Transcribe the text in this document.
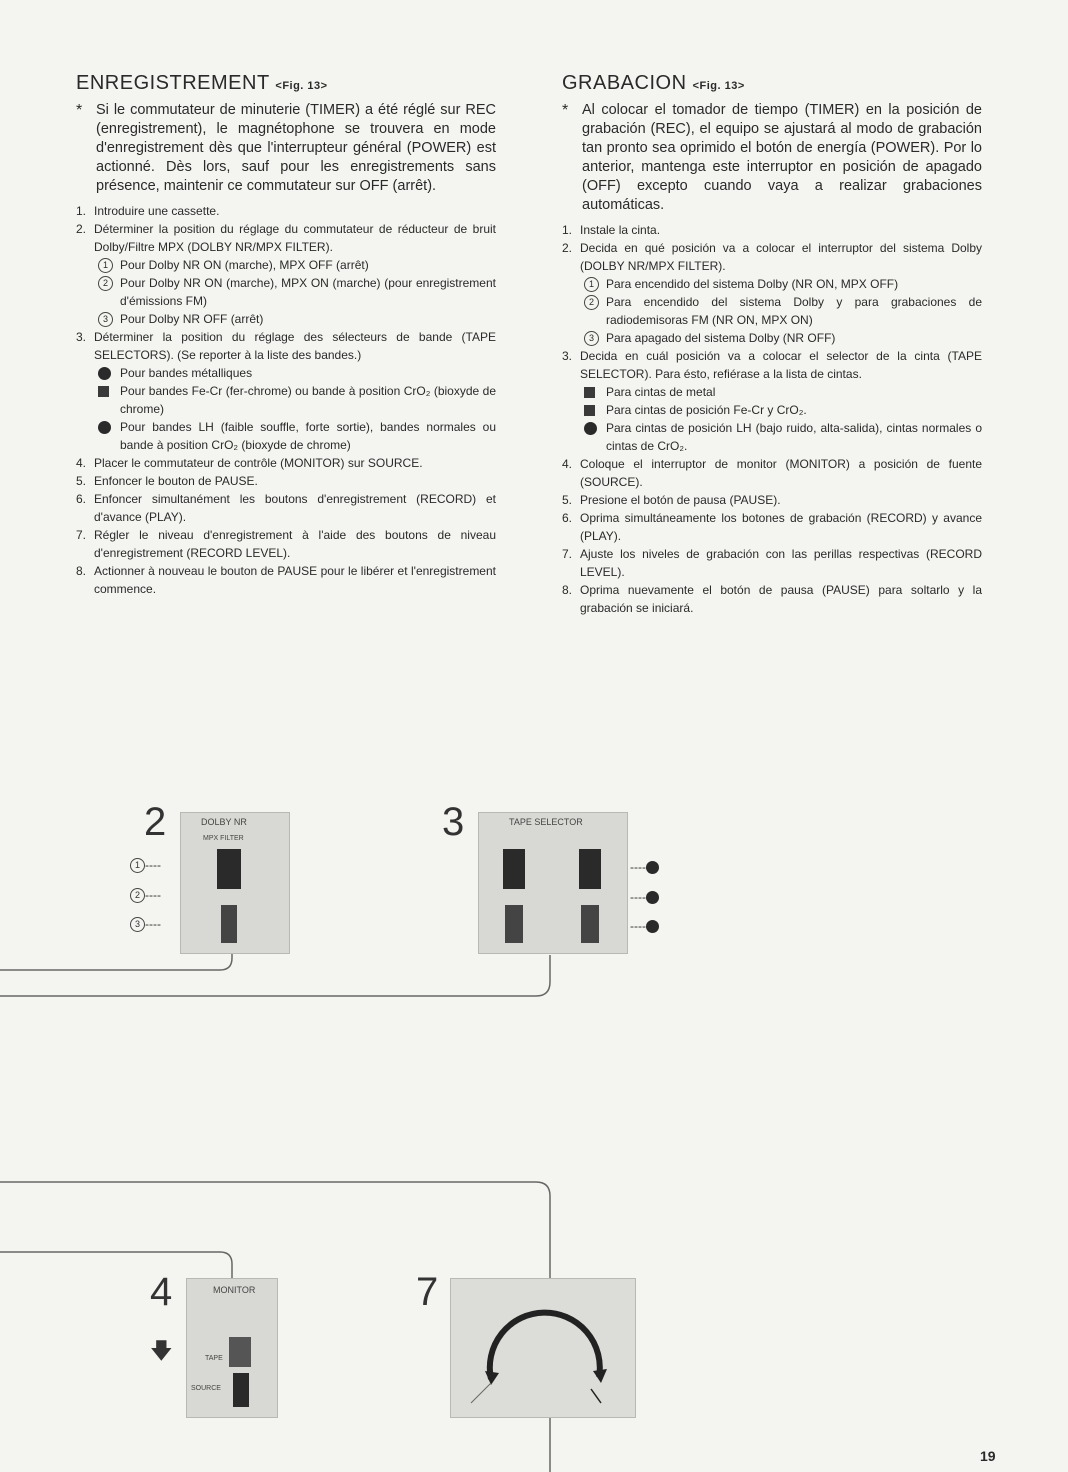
ENREGISTREMENT <Fig. 13>
* Si le commutateur de minuterie (TIMER) a été réglé sur REC (enregistrement), le magnétophone se trouvera en mode d'enregistrement dès que l'interrupteur général (POWER) est actionné. Dès lors, sauf pour les enregistrements sans présence, maintenir ce commutateur sur OFF (arrêt).
1. Introduire une cassette.
2. Déterminer la position du réglage du commutateur de réducteur de bruit Dolby/Filtre MPX (DOLBY NR/MPX FILTER).
1	Pour Dolby NR ON (marche), MPX OFF (arrêt)
2	Pour Dolby NR ON (marche), MPX ON (marche) (pour enregistrement d'émissions FM)
3	Pour Dolby NR OFF (arrêt)
3. Déterminer la position du réglage des sélecteurs de bande (TAPE SELECTORS). (Se reporter à la liste des bandes.)
Pour bandes métalliques
Pour bandes Fe-Cr (fer-chrome) ou bande à position CrO₂ (bioxyde de chrome)
Pour bandes LH (faible souffle, forte sortie), bandes normales ou bande à position CrO₂ (bioxyde de chrome)
4. Placer le commutateur de contrôle (MONITOR) sur SOURCE.
5. Enfoncer le bouton de PAUSE.
6. Enfoncer simultanément les boutons d'enregistrement (RECORD) et d'avance (PLAY).
7. Régler le niveau d'enregistrement à l'aide des boutons de niveau d'enregistrement (RECORD LEVEL).
8. Actionner à nouveau le bouton de PAUSE pour le libérer et l'enregistrement commence.
GRABACION <Fig. 13>
* Al colocar el tomador de tiempo (TIMER) en la posición de grabación (REC), el equipo se ajustará al modo de grabación tan pronto sea oprimido el botón de energía (POWER). Por lo anterior, mantenga este interruptor en posición de apagado (OFF) excepto cuando vaya a realizar grabaciones automáticas.
1. Instale la cinta.
2. Decida en qué posición va a colocar el interruptor del sistema Dolby (DOLBY NR/MPX FILTER).
1	Para encendido del sistema Dolby (NR ON, MPX OFF)
2	Para encendido del sistema Dolby y para grabaciones de radiodemisoras FM (NR ON, MPX ON)
3	Para apagado del sistema Dolby (NR OFF)
3. Decida en cuál posición va a colocar el selector de la cinta (TAPE SELECTOR). Para ésto, refiérase a la lista de cintas.
Para cintas de metal
Para cintas de posición Fe-Cr y CrO₂.
Para cintas de posición LH (bajo ruido, alta-salida), cintas normales o cintas de CrO₂.
4. Coloque el interruptor de monitor (MONITOR) a posición de fuente (SOURCE).
5. Presione el botón de pausa (PAUSE).
6. Oprima simultáneamente los botones de grabación (RECORD) y avance (PLAY).
7. Ajuste los niveles de grabación con las perillas respectivas (RECORD LEVEL).
8. Oprima nuevamente el botón de pausa (PAUSE) para soltarlo y la grabación se iniciará.
2	DOLBY NR
MPX FILTER
1 ----
2 ----
3 ----
3	TAPE SELECTOR
----
----
----
4	MONITOR
TAPE
SOURCE
🡇
7
19
